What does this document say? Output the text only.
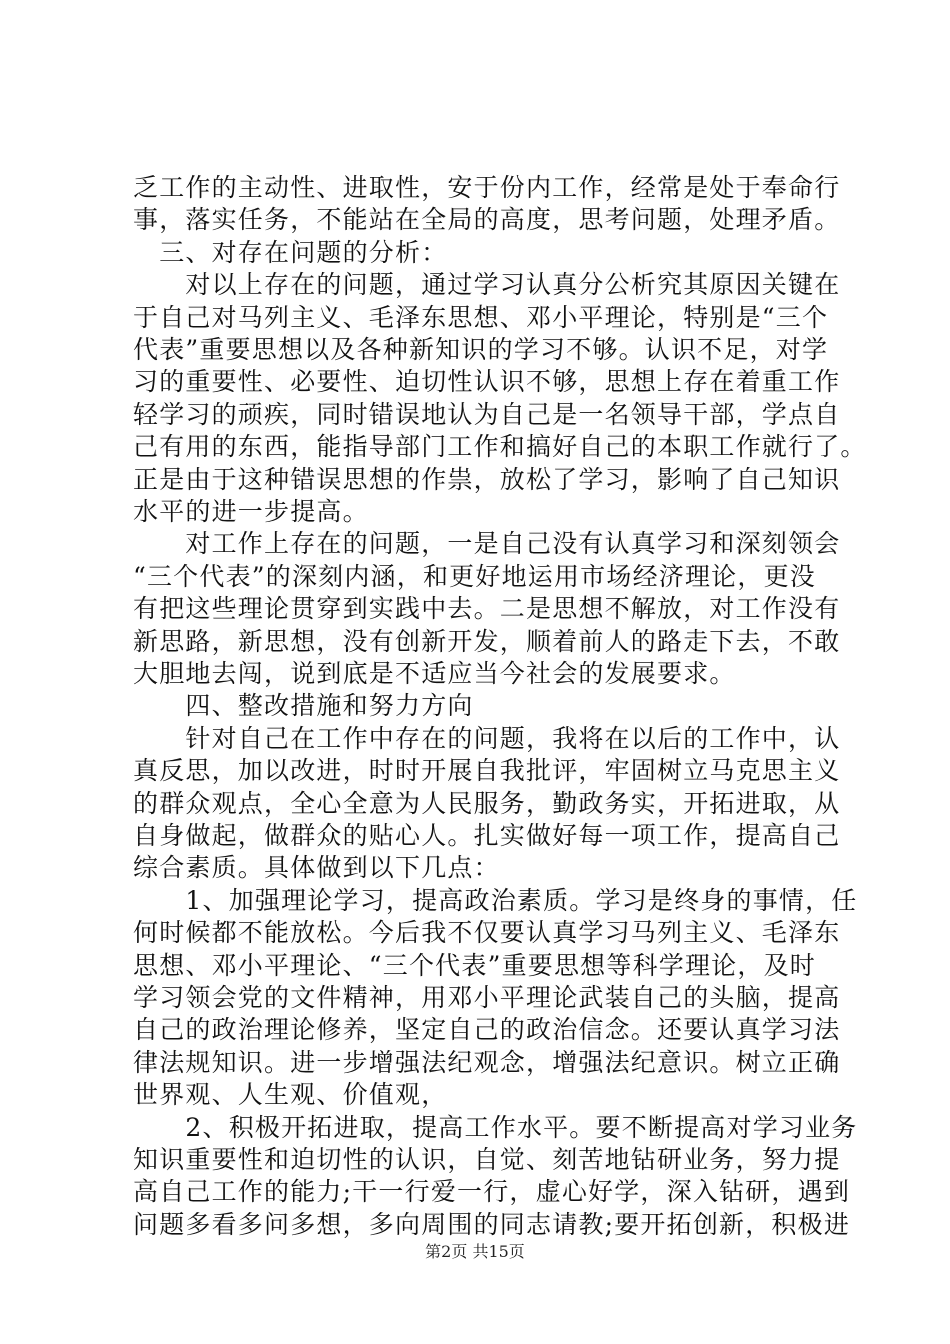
乏工作的主动性、进取性，安于份内工作，经常是处于奉命行
事，落实任务，不能站在全局的高度，思考问题，处理矛盾。
　三、对存在问题的分析：
　　对以上存在的问题，通过学习认真分公析究其原因关键在
于自己对马列主义、毛泽东思想、邓小平理论，特别是“三个
代表”重要思想以及各种新知识的学习不够。认识不足，对学
习的重要性、必要性、迫切性认识不够，思想上存在着重工作
轻学习的顽疾，同时错误地认为自己是一名领导干部，学点自
己有用的东西，能指导部门工作和搞好自己的本职工作就行了。
正是由于这种错误思想的作祟，放松了学习，影响了自己知识
水平的进一步提高。
　　对工作上存在的问题，一是自己没有认真学习和深刻领会
“三个代表”的深刻内涵，和更好地运用市场经济理论，更没
有把这些理论贯穿到实践中去。二是思想不解放，对工作没有
新思路，新思想，没有创新开发，顺着前人的路走下去，不敢
大胆地去闯，说到底是不适应当今社会的发展要求。
　　四、整改措施和努力方向
　　针对自己在工作中存在的问题，我将在以后的工作中，认
真反思，加以改进，时时开展自我批评，牢固树立马克思主义
的群众观点，全心全意为人民服务，勤政务实，开拓进取，从
自身做起，做群众的贴心人。扎实做好每一项工作，提高自己
综合素质。具体做到以下几点：
　　1、加强理论学习，提高政治素质。学习是终身的事情，任
何时候都不能放松。今后我不仅要认真学习马列主义、毛泽东
思想、邓小平理论、“三个代表”重要思想等科学理论，及时
学习领会党的文件精神，用邓小平理论武装自己的头脑，提高
自己的政治理论修养，坚定自己的政治信念。还要认真学习法
律法规知识。进一步增强法纪观念，增强法纪意识。树立正确
世界观、人生观、价值观，
　　2、积极开拓进取，提高工作水平。要不断提高对学习业务
知识重要性和迫切性的认识，自觉、刻苦地钻研业务，努力提
高自己工作的能力;干一行爱一行，虚心好学，深入钻研，遇到
问题多看多问多想，多向周围的同志请教;要开拓创新，积极进
第2页 共15页
